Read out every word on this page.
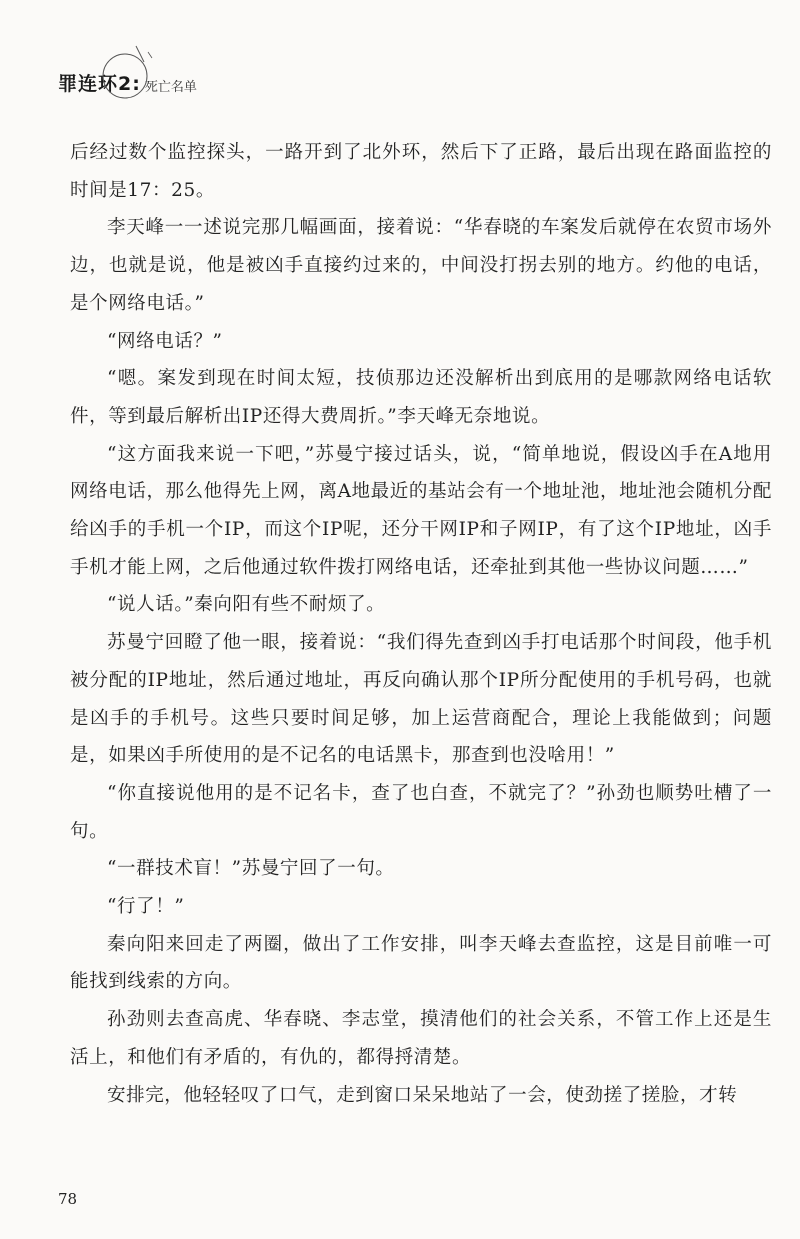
罪连环2: 死亡名单

后经过数个监控探头，一路开到了北外环，然后下了正路，最后出现在路面监控的时间是17：25。

李天峰一一述说完那几幅画面，接着说：“华春晓的车案发后就停在农贸市场外边，也就是说，他是被凶手直接约过来的，中间没打拐去别的地方。约他的电话，是个网络电话。”

“网络电话？”

“嗯。案发到现在时间太短，技侦那边还没解析出到底用的是哪款网络电话软件，等到最后解析出IP还得大费周折。”李天峰无奈地说。

“这方面我来说一下吧，”苏曼宁接过话头，说，“简单地说，假设凶手在A地用网络电话，那么他得先上网，离A地最近的基站会有一个地址池，地址池会随机分配给凶手的手机一个IP，而这个IP呢，还分干网IP和子网IP，有了这个IP地址，凶手手机才能上网，之后他通过软件拨打网络电话，还牵扯到其他一些协议问题……”

“说人话。”秦向阳有些不耐烦了。

苏曼宁回瞪了他一眼，接着说：“我们得先查到凶手打电话那个时间段，他手机被分配的IP地址，然后通过地址，再反向确认那个IP所分配使用的手机号码，也就是凶手的手机号。这些只要时间足够，加上运营商配合，理论上我能做到；问题是，如果凶手所使用的是不记名的电话黑卡，那查到也没啥用！”

“你直接说他用的是不记名卡，查了也白查，不就完了？”孙劲也顺势吐槽了一句。

“一群技术盲！”苏曼宁回了一句。

“行了！”

秦向阳来回走了两圈，做出了工作安排，叫李天峰去查监控，这是目前唯一可能找到线索的方向。

孙劲则去查高虎、华春晓、李志堂，摸清他们的社会关系，不管工作上还是生活上，和他们有矛盾的，有仇的，都得捋清楚。

安排完，他轻轻叹了口气，走到窗口呆呆地站了一会，使劲搓了搓脸，才转

78
